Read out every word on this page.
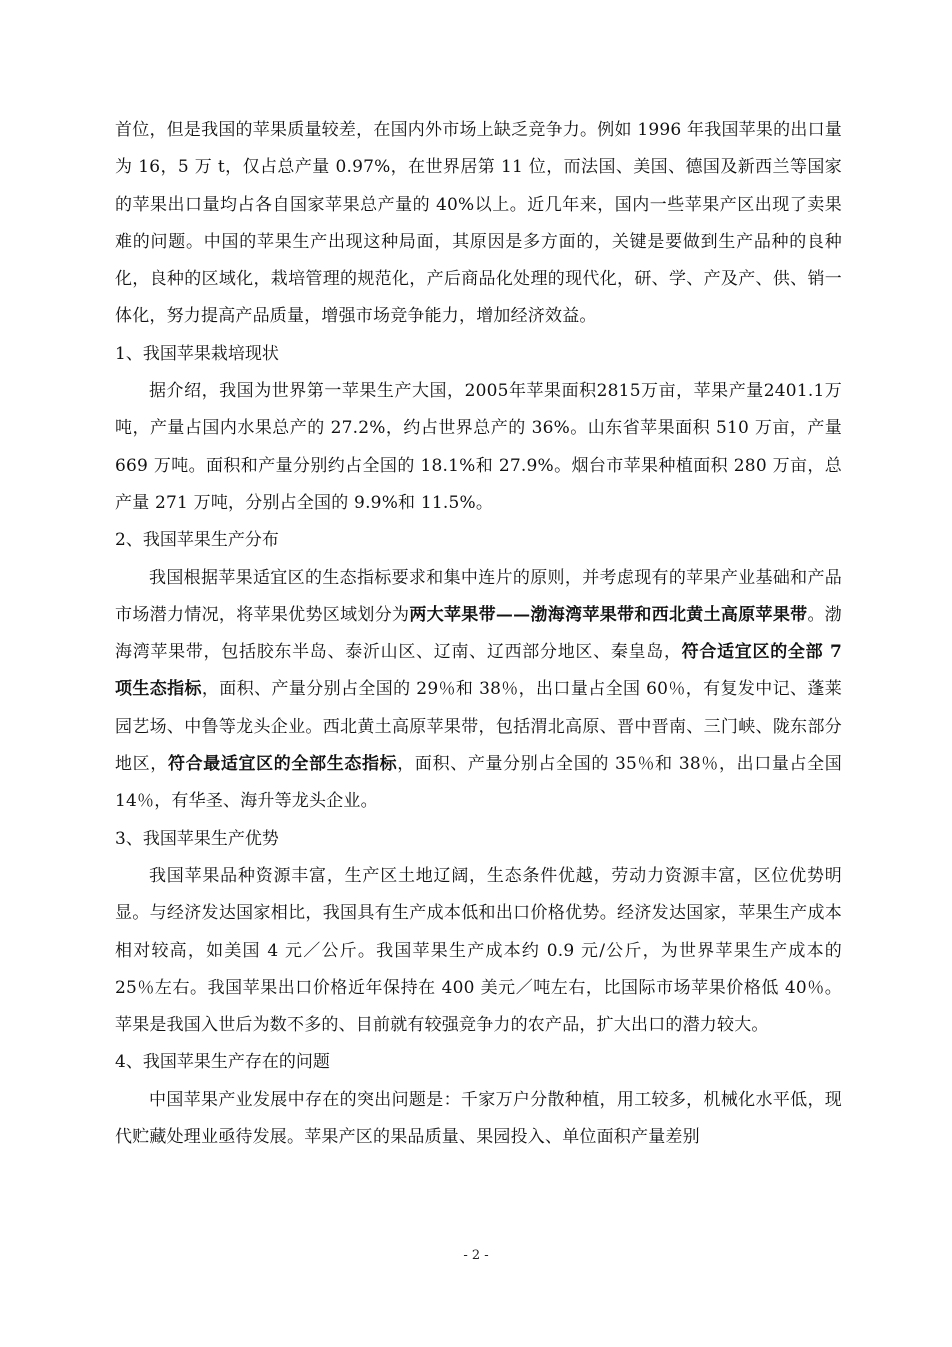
首位，但是我国的苹果质量较差，在国内外市场上缺乏竞争力。例如 1996 年我国苹果的出口量为 16，5 万 t，仅占总产量 0.97%，在世界居第 11 位，而法国、美国、德国及新西兰等国家的苹果出口量均占各自国家苹果总产量的 40%以上。近几年来，国内一些苹果产区出现了卖果难的问题。中国的苹果生产出现这种局面，其原因是多方面的，关键是要做到生产品种的良种化，良种的区域化，栽培管理的规范化，产后商品化处理的现代化，研、学、产及产、供、销一体化，努力提高产品质量，增强市场竞争能力，增加经济效益。

1、我国苹果栽培现状

据介绍，我国为世界第一苹果生产大国，2005年苹果面积2815万亩，苹果产量2401.1万吨，产量占国内水果总产的 27.2%，约占世界总产的 36%。山东省苹果面积 510 万亩，产量 669 万吨。面积和产量分别约占全国的 18.1%和 27.9%。烟台市苹果种植面积 280 万亩，总产量 271 万吨，分别占全国的 9.9%和 11.5%。

2、我国苹果生产分布

我国根据苹果适宜区的生态指标要求和集中连片的原则，并考虑现有的苹果产业基础和产品市场潜力情况，将苹果优势区域划分为两大苹果带——渤海湾苹果带和西北黄土高原苹果带。渤海湾苹果带，包括胶东半岛、泰沂山区、辽南、辽西部分地区、秦皇岛，符合适宜区的全部 7 项生态指标，面积、产量分别占全国的 29％和 38％，出口量占全国 60％，有复发中记、蓬莱园艺场、中鲁等龙头企业。西北黄土高原苹果带，包括渭北高原、晋中晋南、三门峡、陇东部分地区，符合最适宜区的全部生态指标，面积、产量分别占全国的 35％和 38％，出口量占全国 14％，有华圣、海升等龙头企业。

3、我国苹果生产优势

我国苹果品种资源丰富，生产区土地辽阔，生态条件优越，劳动力资源丰富，区位优势明显。与经济发达国家相比，我国具有生产成本低和出口价格优势。经济发达国家，苹果生产成本相对较高，如美国 4 元／公斤。我国苹果生产成本约 0.9 元/公斤，为世界苹果生产成本的 25％左右。我国苹果出口价格近年保持在 400 美元／吨左右，比国际市场苹果价格低 40％。苹果是我国入世后为数不多的、目前就有较强竞争力的农产品，扩大出口的潜力较大。

4、我国苹果生产存在的问题

中国苹果产业发展中存在的突出问题是：千家万户分散种植，用工较多，机械化水平低，现代贮藏处理业亟待发展。苹果产区的果品质量、果园投入、单位面积产量差别

- 2 -
